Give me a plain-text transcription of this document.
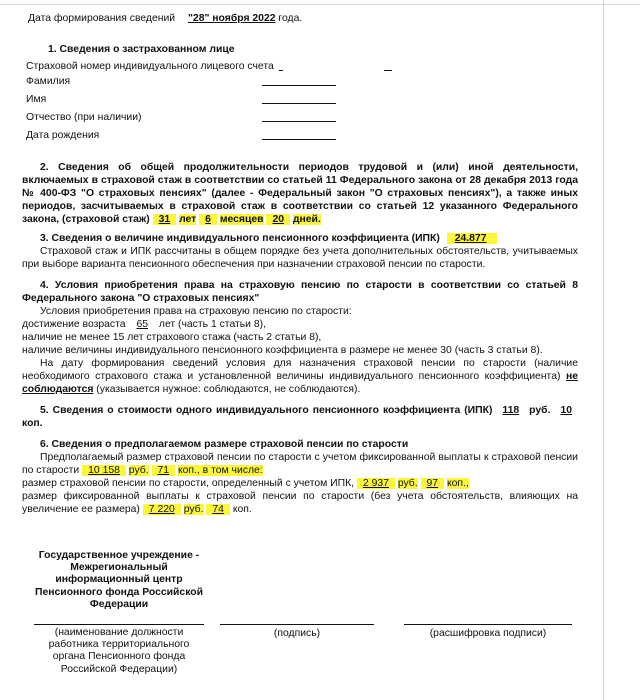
Дата формирования сведений "28" ноября 2022 года.
1. Сведения о застрахованном лице
Страховой номер индивидуального лицевого счета
Фамилия
Имя
Отчество (при наличии)
Дата рождения
2. Сведения об общей продолжительности периодов трудовой и (или) иной деятельности, включаемых в страховой стаж в соответствии со статьей 11 Федерального закона от 28 декабря 2013 года № 400-ФЗ "О страховых пенсиях" (далее - Федеральный закон "О страховых пенсиях"), а также иных периодов, засчитываемых в страховой стаж в соответствии со статьей 12 указанного Федерального закона, (страховой стаж) 31 лет 6 месяцев 20 дней.
3. Сведения о величине индивидуального пенсионного коэффициента (ИПК) 24.877
Страховой стаж и ИПК рассчитаны в общем порядке без учета дополнительных обстоятельств, учитываемых при выборе варианта пенсионного обеспечения при назначении страховой пенсии по старости.
4. Условия приобретения права на страховую пенсию по старости в соответствии со статьей 8 Федерального закона "О страховых пенсиях"
Условия приобретения права на страховую пенсию по старости:
достижение возраста 65 лет (часть 1 статьи 8),
наличие не менее 15 лет страхового стажа (часть 2 статьи 8),
наличие величины индивидуального пенсионного коэффициента в размере не менее 30 (часть 3 статьи 8).
На дату формирования сведений условия для назначения страховой пенсии по старости (наличие необходимого страхового стажа и установленной величины индивидуального пенсионного коэффициента) не соблюдаются (указывается нужное: соблюдаются, не соблюдаются).
5. Сведения о стоимости одного индивидуального пенсионного коэффициента (ИПК) 118 руб. 10 коп.
6. Сведения о предполагаемом размере страховой пенсии по старости
Предполагаемый размер страховой пенсии по старости с учетом фиксированной выплаты к страховой пенсии по старости 10 158 руб. 71 коп., в том числе:
размер страховой пенсии по старости, определенный с учетом ИПК, 2 937 руб. 97 коп.,
размер фиксированной выплаты к страховой пенсии по старости (без учета обстоятельств, влияющих на увеличение ее размера) 7 220 руб. 74 коп.
Государственное учреждение - Межрегиональный информационный центр Пенсионного фонда Российской Федерации
(наименование должности работника территориального органа Пенсионного фонда Российской Федерации)
(подпись)	(расшифровка подписи)
